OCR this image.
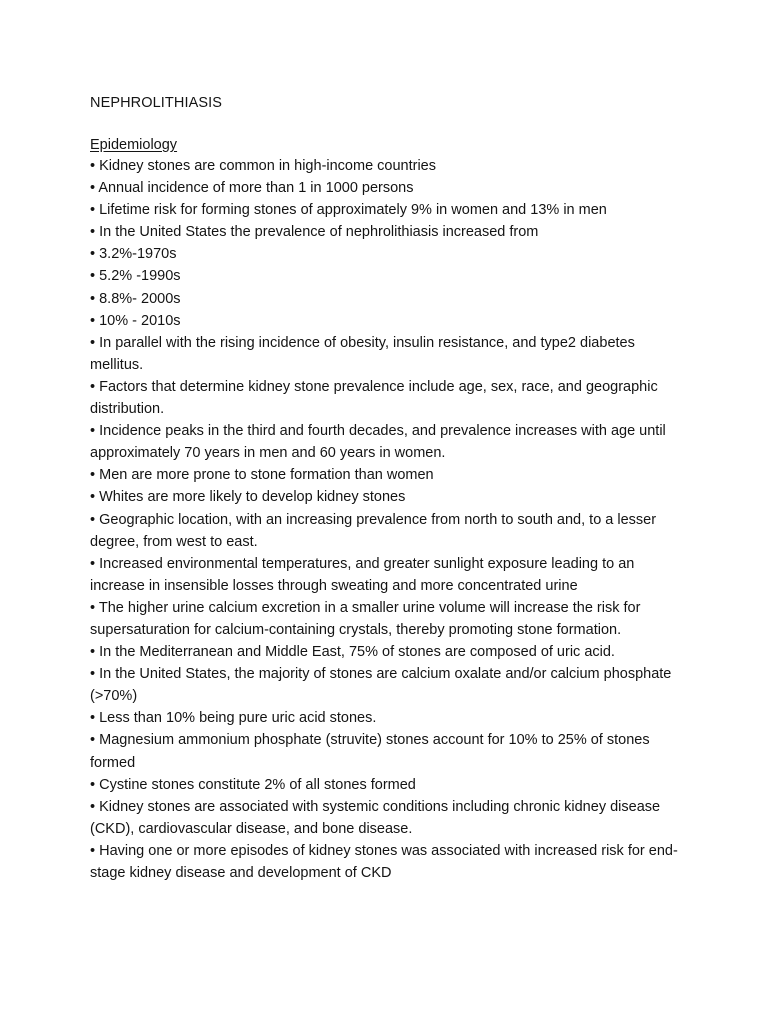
NEPHROLITHIASIS
Epidemiology
• Kidney stones are common in high-income countries
• Annual incidence of more than 1 in 1000 persons
• Lifetime risk for forming stones of approximately 9% in women and 13% in men
• In the United States the prevalence of nephrolithiasis increased from
• 3.2%-1970s
• 5.2% -1990s
• 8.8%- 2000s
• 10% - 2010s
• In parallel with the rising incidence of obesity, insulin resistance, and type2 diabetes mellitus.
• Factors that determine kidney stone prevalence include age, sex, race, and geographic distribution.
• Incidence peaks in the third and fourth decades, and prevalence increases with age until approximately 70 years in men and 60 years in women.
• Men are more prone to stone formation than women
• Whites are more likely to develop kidney stones
• Geographic location, with an increasing prevalence from north to south and, to a lesser degree, from west to east.
• Increased environmental temperatures, and greater sunlight exposure leading to an increase in insensible losses through sweating and more concentrated urine
• The higher urine calcium excretion in a smaller urine volume will increase the risk for supersaturation for calcium-containing crystals, thereby promoting stone formation.
• In the Mediterranean and Middle East, 75% of stones are composed of uric acid.
• In the United States, the majority of stones are calcium oxalate and/or calcium phosphate (>70%)
• Less than 10% being pure uric acid stones.
• Magnesium ammonium phosphate (struvite) stones account for 10% to 25% of stones formed
• Cystine stones constitute 2% of all stones formed
• Kidney stones are associated with systemic conditions including chronic kidney disease (CKD), cardiovascular disease, and bone disease.
• Having one or more episodes of kidney stones was associated with increased risk for end-stage kidney disease and development of CKD
